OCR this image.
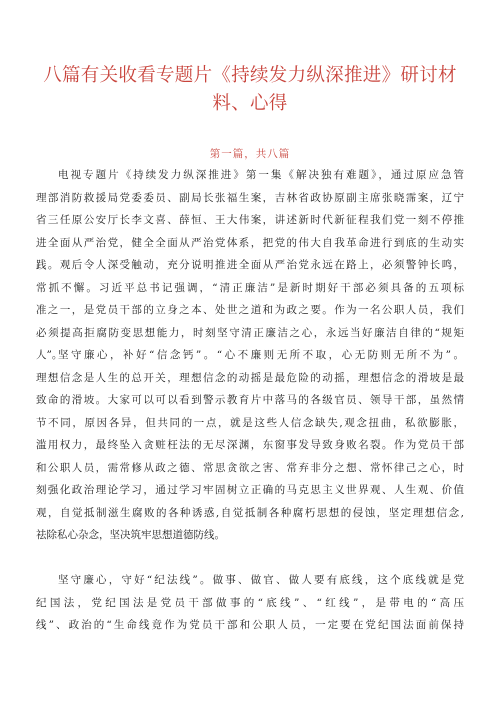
八篇有关收看专题片《持续发力纵深推进》研讨材
料、心得
第一篇，共八篇
电视专题片《持续发力纵深推进》第一集《解决独有难题》，通过原应急管
理部消防救援局党委委员、副局长张福生案，吉林省政协原副主席张晓霈案，辽宁
省三任原公安厅长李文喜、薛恒、王大伟案，讲述新时代新征程我们党一刻不停推
进全面从严治党，健全全面从严治党体系，把党的伟大自我革命进行到底的生动实
践。观后令人深受触动，充分说明推进全面从严治党永远在路上，必须警钟长鸣，
常抓不懈。习近平总书记强调，“清正廉洁”是新时期好干部必须具备的五项标
准之一，是党员干部的立身之本、处世之道和为政之要。作为一名公职人员，我们
必须提高拒腐防变思想能力，时刻坚守清正廉洁之心，永远当好廉洁自律的“规矩
人”。
坚守廉心，补好“信念钙”。“心不廉则无所不取，心无防则无所不为”。
理想信念是人生的总开关，理想信念的动摇是最危险的动摇，理想信念的滑坡是最
致命的滑坡。大家可以可以看到警示教育片中落马的各级官员、领导干部，虽然情
节不同，原因各异，但共同的一点，就是这些人信念缺失,观念扭曲，私欲膨胀，
滥用权力，最终坠入贪赃枉法的无尽深渊，东窗事发导致身败名裂。作为党员干部
和公职人员，需常修从政之德、常思贪欲之害、常弃非分之想、常怀律己之心，时
刻强化政治理论学习，通过学习牢固树立正确的马克思主义世界观、人生观、价值
观，自觉抵制滋生腐败的各种诱惑,自觉抵制各种腐朽思想的侵蚀，坚定理想信念,
祛除私心杂念，坚决筑牢思想道德防线。
坚守廉心，守好“纪法线”。做事、做官、做人要有底线，这个底线就是党
纪国法，党纪国法是党员干部做事的“底线”、“红线”，是带电的“高压
线”、政治的“生命线竟作为党员干部和公职人员，一定要在党纪国法面前保持
